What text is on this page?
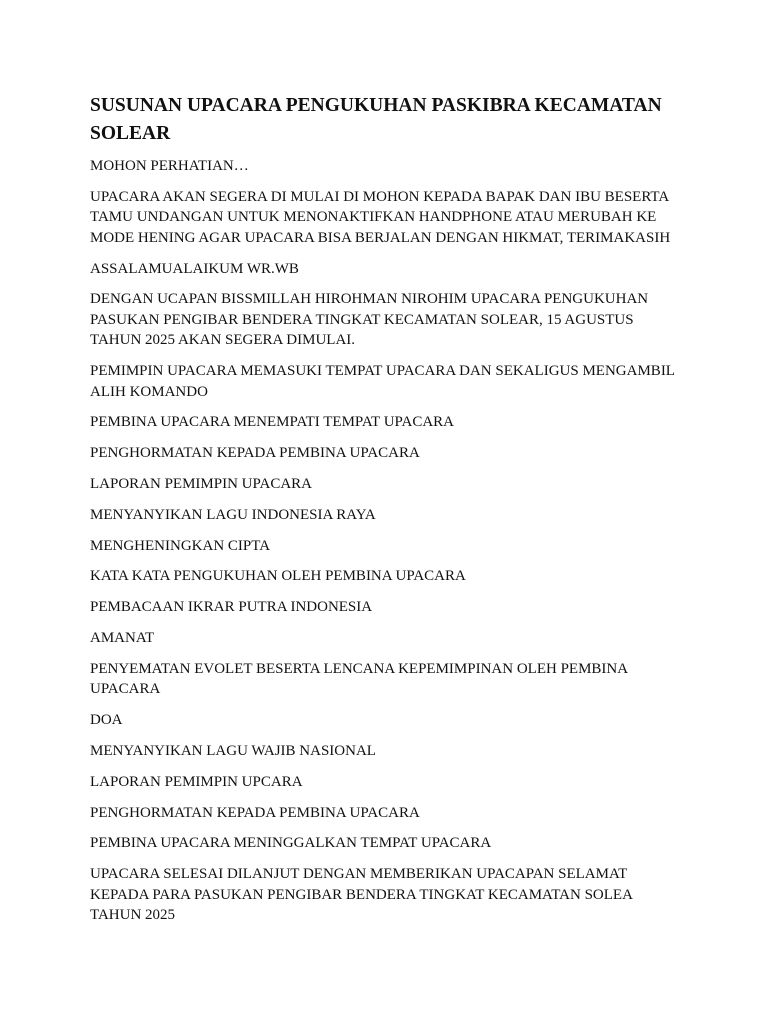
SUSUNAN UPACARA PENGUKUHAN PASKIBRA KECAMATAN SOLEAR

MOHON PERHATIAN…

UPACARA AKAN SEGERA DI MULAI DI MOHON KEPADA BAPAK DAN IBU BESERTA TAMU UNDANGAN UNTUK MENONAKTIFKAN HANDPHONE ATAU MERUBAH KE MODE HENING AGAR UPACARA BISA BERJALAN DENGAN HIKMAT, TERIMAKASIH

ASSALAMUALAIKUM WR.WB

DENGAN UCAPAN BISSMILLAH HIROHMAN NIROHIM UPACARA PENGUKUHAN PASUKAN PENGIBAR BENDERA TINGKAT KECAMATAN SOLEAR, 15 AGUSTUS TAHUN 2025 AKAN SEGERA DIMULAI.

PEMIMPIN UPACARA MEMASUKI TEMPAT UPACARA DAN SEKALIGUS MENGAMBIL ALIH KOMANDO

PEMBINA UPACARA MENEMPATI TEMPAT UPACARA

PENGHORMATAN KEPADA PEMBINA UPACARA

LAPORAN PEMIMPIN UPACARA

MENYANYIKAN LAGU INDONESIA RAYA

MENGHENINGKAN CIPTA

KATA KATA PENGUKUHAN OLEH PEMBINA UPACARA

PEMBACAAN IKRAR PUTRA INDONESIA

AMANAT

PENYEMATAN EVOLET BESERTA LENCANA KEPEMIMPINAN OLEH PEMBINA UPACARA

DOA

MENYANYIKAN LAGU WAJIB NASIONAL

LAPORAN PEMIMPIN UPCARA

PENGHORMATAN KEPADA PEMBINA UPACARA

PEMBINA UPACARA MENINGGALKAN TEMPAT UPACARA

UPACARA SELESAI DILANJUT DENGAN MEMBERIKAN UPACAPAN SELAMAT KEPADA PARA PASUKAN PENGIBAR BENDERA TINGKAT KECAMATAN SOLEA TAHUN 2025
